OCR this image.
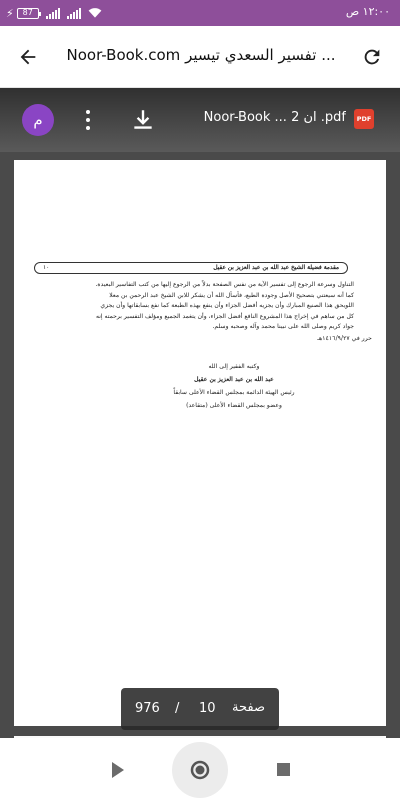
⚡ 87	١٢:٠٠ ص
Noor-Book.com تفسير السعدي تيسير ...
م	Noor-Book ... ان 2 .pdf	PDF
مقدمة فضيلة الشيخ عبد الله بن عبد العزيز بن عقيل
١٠
التناول وسرعة الرجوع إلى تفسير الآية من نفس الصفحة بدلاً من الرجوع إليها من كتب التفاسير البعيدة.
كما أنه سيعتني بتصحيح الأصل وجودة الطبع، فأسأل الله أن يشكر للابن الشيخ عبد الرحمن بن معلا
اللويحق هذا الصنيع المبارك وأن يجزيه أفضل الجزاء وأن ينفع بهذه الطبعة كما نفع بسابقاتها وأن يجزي
كل من ساهم في إخراج هذا المشروع النافع أفضل الجزاء، وأن يتغمد الجميع ومؤلف التفسير برحمته إنه
جواد كريم وصلى الله على نبينا محمد وآله وصحبه وسلم.
حرر في ١٤١٦/٩/٢٧هـ
وكتبه الفقير إلى الله
عبد الله بن عبد العزيز بن عقيل
رئيس الهيئة الدائمة بمجلس القضاء الأعلى سابقاً
وعضو بمجلس القضاء الأعلى (متقاعد)
976 / 10 صفحة
